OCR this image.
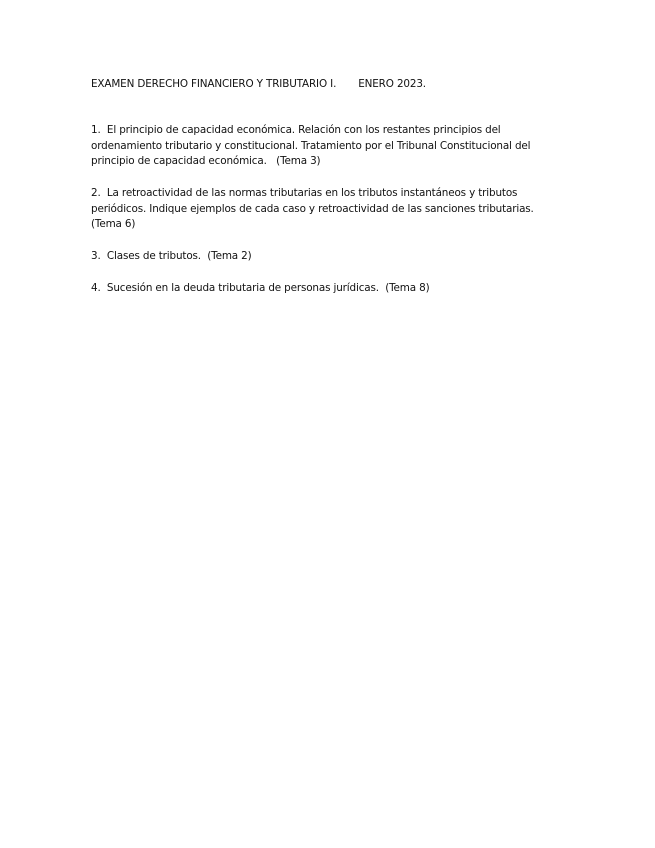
EXAMEN DERECHO FINANCIERO Y TRIBUTARIO I. ENERO 2023.
1.  El principio de capacidad económica. Relación con los restantes principios del
ordenamiento tributario y constitucional. Tratamiento por el Tribunal Constitucional del
principio de capacidad económica.   (Tema 3)
2.  La retroactividad de las normas tributarias en los tributos instantáneos y tributos
periódicos. Indique ejemplos de cada caso y retroactividad de las sanciones tributarias.
(Tema 6)
3.  Clases de tributos.  (Tema 2)
4.  Sucesión en la deuda tributaria de personas jurídicas.  (Tema 8)
